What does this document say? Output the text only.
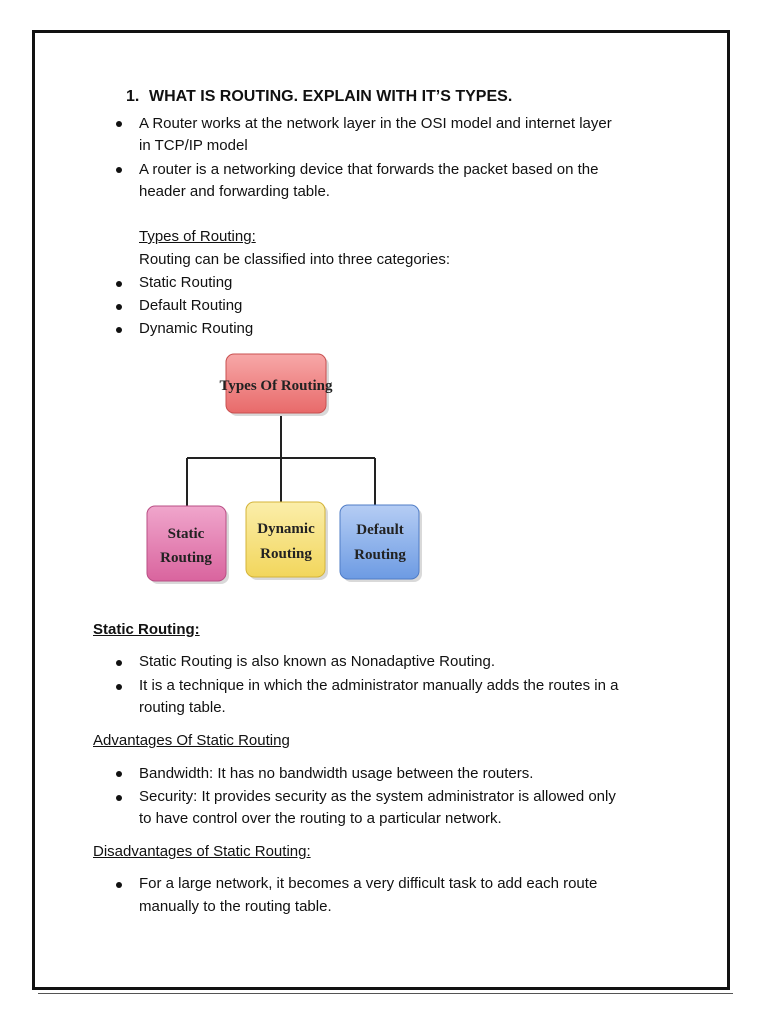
1. WHAT IS ROUTING. EXPLAIN WITH IT’S TYPES.
A Router works at the network layer in the OSI model and internet layer
in TCP/IP model
A router is a networking device that forwards the packet based on the
header and forwarding table.
Types of Routing:
Routing can be classified into three categories:
Static Routing
Default Routing
Dynamic Routing
Types Of Routing
Static
Routing
Dynamic
Routing
Default
Routing
Static Routing:
Static Routing is also known as Nonadaptive Routing.
It is a technique in which the administrator manually adds the routes in a
routing table.
Advantages Of Static Routing
Bandwidth: It has no bandwidth usage between the routers.
Security: It provides security as the system administrator is allowed only
to have control over the routing to a particular network.
Disadvantages of Static Routing:
For a large network, it becomes a very difficult task to add each route
manually to the routing table.
